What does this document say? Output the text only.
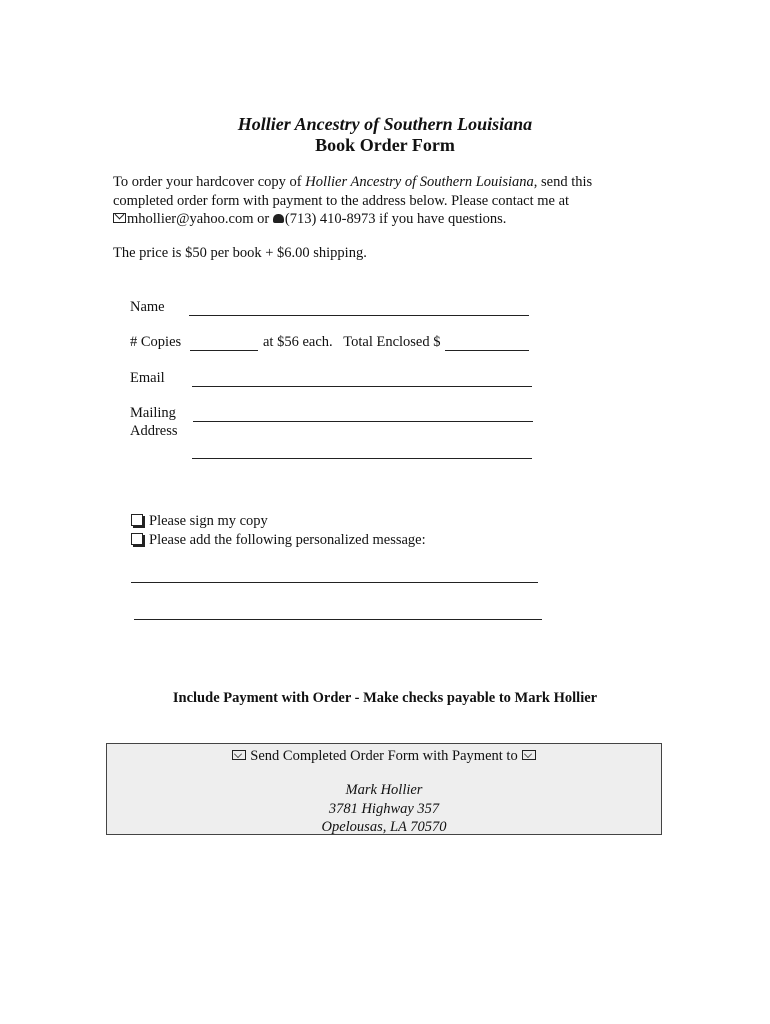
Hollier Ancestry of Southern Louisiana
Book Order Form
To order your hardcover copy of Hollier Ancestry of Southern Louisiana, send this
completed order form with payment to the address below. Please contact me at
mhollier@yahoo.com or (713) 410-8973 if you have questions.
The price is $50 per book + $6.00 shipping.
Name
# Copies	at $56 each.   Total Enclosed $
Email
Mailing
Address
Please sign my copy
Please add the following personalized message:
Include Payment with Order - Make checks payable to Mark Hollier
Send Completed Order Form with Payment to
Mark Hollier
3781 Highway 357
Opelousas, LA 70570
